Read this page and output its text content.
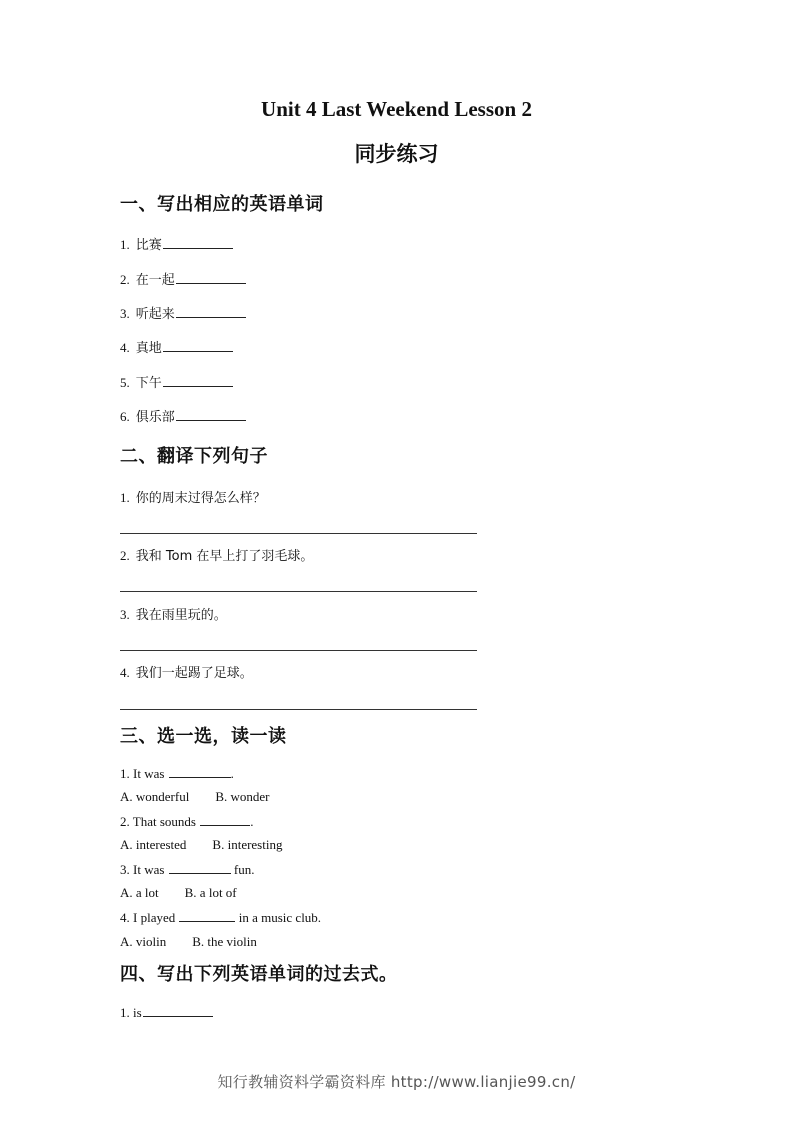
Unit 4 Last Weekend Lesson 2
同步练习
一、写出相应的英语单词
1. 比赛
2. 在一起
3. 听起来
4. 真地
5. 下午
6. 俱乐部
二、翻译下列句子
1. 你的周末过得怎么样？
2. 我和 Tom 在早上打了羽毛球。
3. 我在雨里玩的。
4. 我们一起踢了足球。
三、选一选，读一读
1. It was	.
A. wonderful B. wonder
2. That sounds	.
A. interested B. interesting
3. It was	fun.
A. a lot B. a lot of
4. I played	in a music club.
A. violin B. the violin
四、写出下列英语单词的过去式。
1. is
知行教辅资料学霸资料库 http://www.lianjie99.cn/
